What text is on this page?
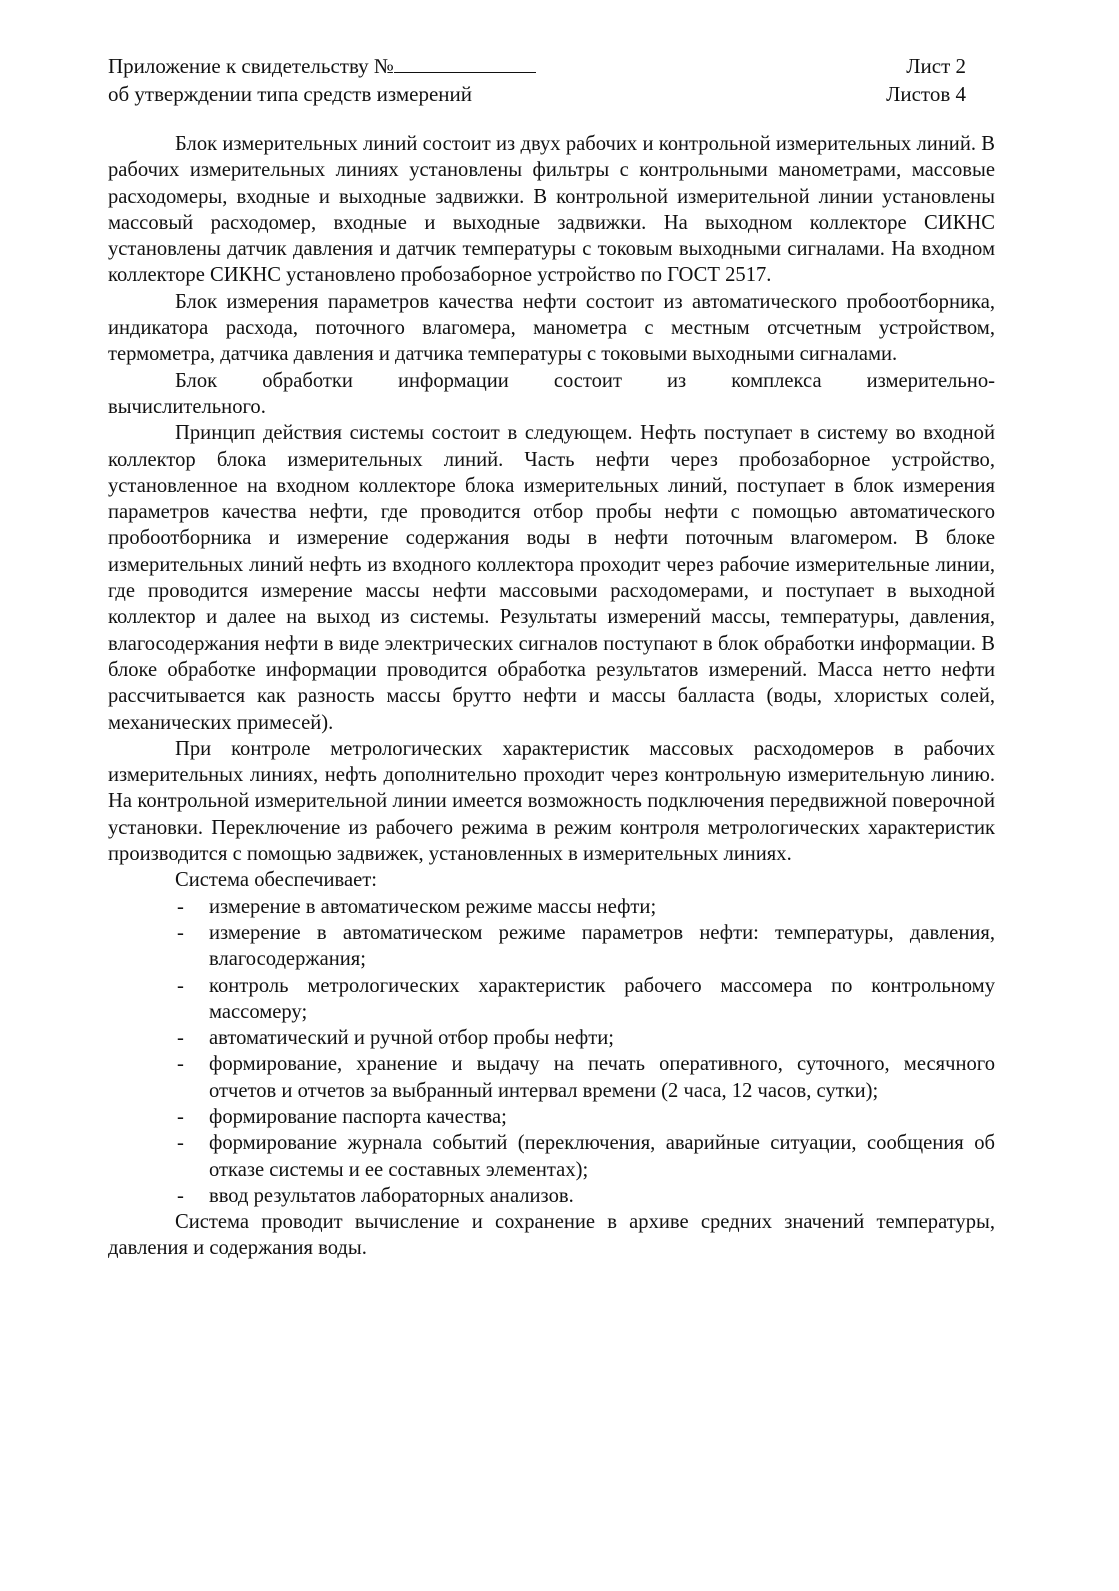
Приложение к свидетельству №	Лист 2
об утверждении типа средств измерений	Листов 4

Блок измерительных линий состоит из двух рабочих и контрольной измерительных линий. В рабочих измерительных линиях установлены фильтры с контрольными манометрами, массовые расходомеры, входные и выходные задвижки. В контрольной измерительной линии установлены массовый расходомер, входные и выходные задвижки. На выходном коллекторе СИКНС установлены датчик давления и датчик температуры с токовым выходными сигналами. На входном коллекторе СИКНС установлено пробозаборное устройство по ГОСТ 2517.

Блок измерения параметров качества нефти состоит из автоматического пробоотборника, индикатора расхода, поточного влагомера, манометра с местным отсчетным устройством, термометра, датчика давления и датчика температуры с токовыми выходными сигналами.

Блок обработки информации состоит из комплекса измерительно-

вычислительного.

Принцип действия системы состоит в следующем. Нефть поступает в систему во входной коллектор блока измерительных линий. Часть нефти через пробозаборное устройство, установленное на входном коллекторе блока измерительных линий, поступает в блок измерения параметров качества нефти, где проводится отбор пробы нефти с помощью автоматического пробоотборника и измерение содержания воды в нефти поточным влагомером. В блоке измерительных линий нефть из входного коллектора проходит через рабочие измерительные линии, где проводится измерение массы нефти массовыми расходомерами, и поступает в выходной коллектор и далее на выход из системы. Результаты измерений массы, температуры, давления, влагосодержания нефти в виде электрических сигналов поступают в блок обработки информации. В блоке обработке информации проводится обработка результатов измерений. Масса нетто нефти рассчитывается как разность массы брутто нефти и массы балласта (воды, хлористых солей, механических примесей).

При контроле метрологических характеристик массовых расходомеров в рабочих измерительных линиях, нефть дополнительно проходит через контрольную измерительную линию. На контрольной измерительной линии имеется возможность подключения передвижной поверочной установки. Переключение из рабочего режима в режим контроля метрологических характеристик производится с помощью задвижек, установленных в измерительных линиях.

Система обеспечивает:

- измерение в автоматическом режиме массы нефти;
- измерение в автоматическом режиме параметров нефти: температуры, давления, влагосодержания;
- контроль метрологических характеристик рабочего массомера по контрольному массомеру;
- автоматический и ручной отбор пробы нефти;
- формирование, хранение и выдачу на печать оперативного, суточного, месячного отчетов и отчетов за выбранный интервал времени (2 часа, 12 часов, сутки);
- формирование паспорта качества;
- формирование журнала событий (переключения, аварийные ситуации, сообщения об отказе системы и ее составных элементах);
- ввод результатов лабораторных анализов.

Система проводит вычисление и сохранение в архиве средних значений температуры, давления и содержания воды.
